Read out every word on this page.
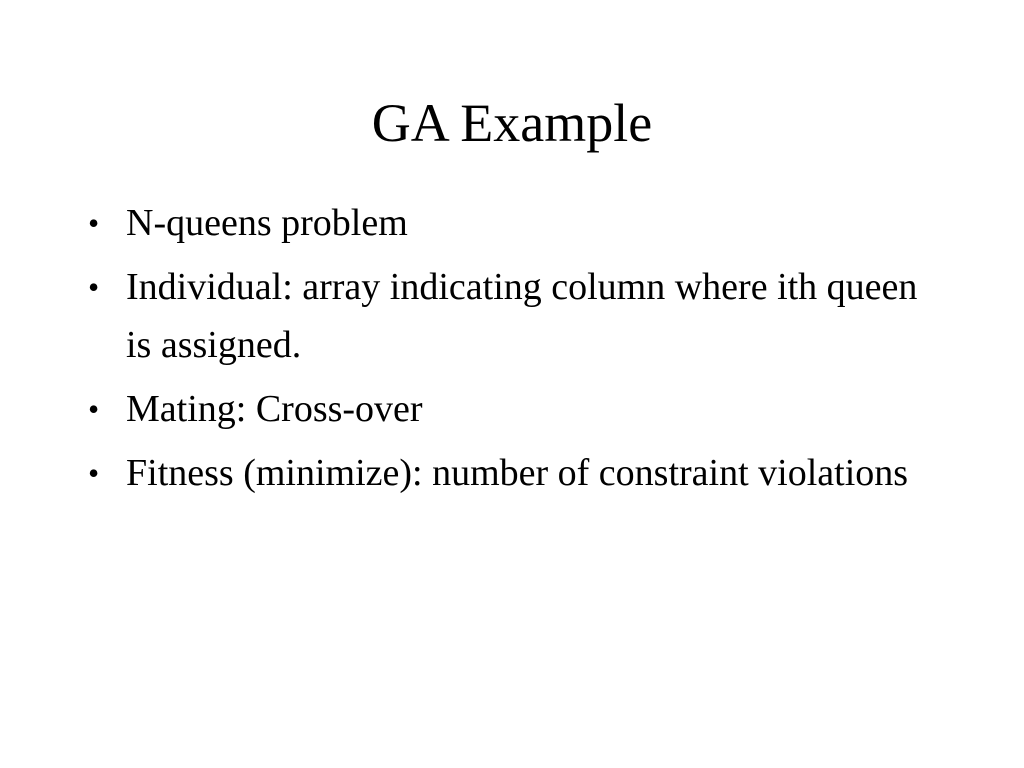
GA Example
• N-queens problem
• Individual: array indicating column where ith queen is assigned.
• Mating: Cross-over
• Fitness (minimize): number of constraint violations
